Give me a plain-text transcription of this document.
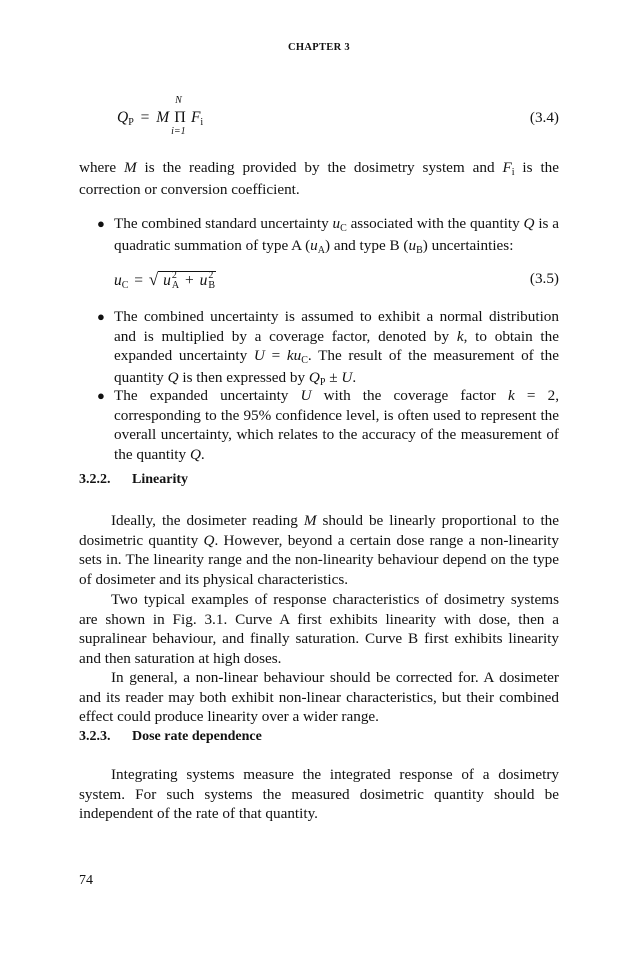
CHAPTER 3
QP = M
N
Π
i=1
Fi	(3.4)
where M is the reading provided by the dosimetry system and Fi is the correction or conversion coefficient.
● The combined standard uncertainty uC associated with the quantity Q is a quadratic summation of type A (uA) and type B (uB) uncertainties:
uC = √ u 2
A + u 2
B	(3.5)
● The combined uncertainty is assumed to exhibit a normal distribution and is multiplied by a coverage factor, denoted by k, to obtain the expanded uncertainty U = kuC. The result of the measurement of the quantity Q is then expressed by QP ± U.
● The expanded uncertainty U with the coverage factor k = 2, corresponding to the 95% confidence level, is often used to represent the overall uncertainty, which relates to the accuracy of the measurement of the quantity Q.
3.2.2. Linearity
Ideally, the dosimeter reading M should be linearly proportional to the dosimetric quantity Q. However, beyond a certain dose range a non-linearity sets in. The linearity range and the non-linearity behaviour depend on the type of dosimeter and its physical characteristics.
Two typical examples of response characteristics of dosimetry systems are shown in Fig. 3.1. Curve A first exhibits linearity with dose, then a supralinear behaviour, and finally saturation. Curve B first exhibits linearity and then saturation at high doses.
In general, a non-linear behaviour should be corrected for. A dosimeter and its reader may both exhibit non-linear characteristics, but their combined effect could produce linearity over a wider range.
3.2.3. Dose rate dependence
Integrating systems measure the integrated response of a dosimetry system. For such systems the measured dosimetric quantity should be independent of the rate of that quantity.
74
